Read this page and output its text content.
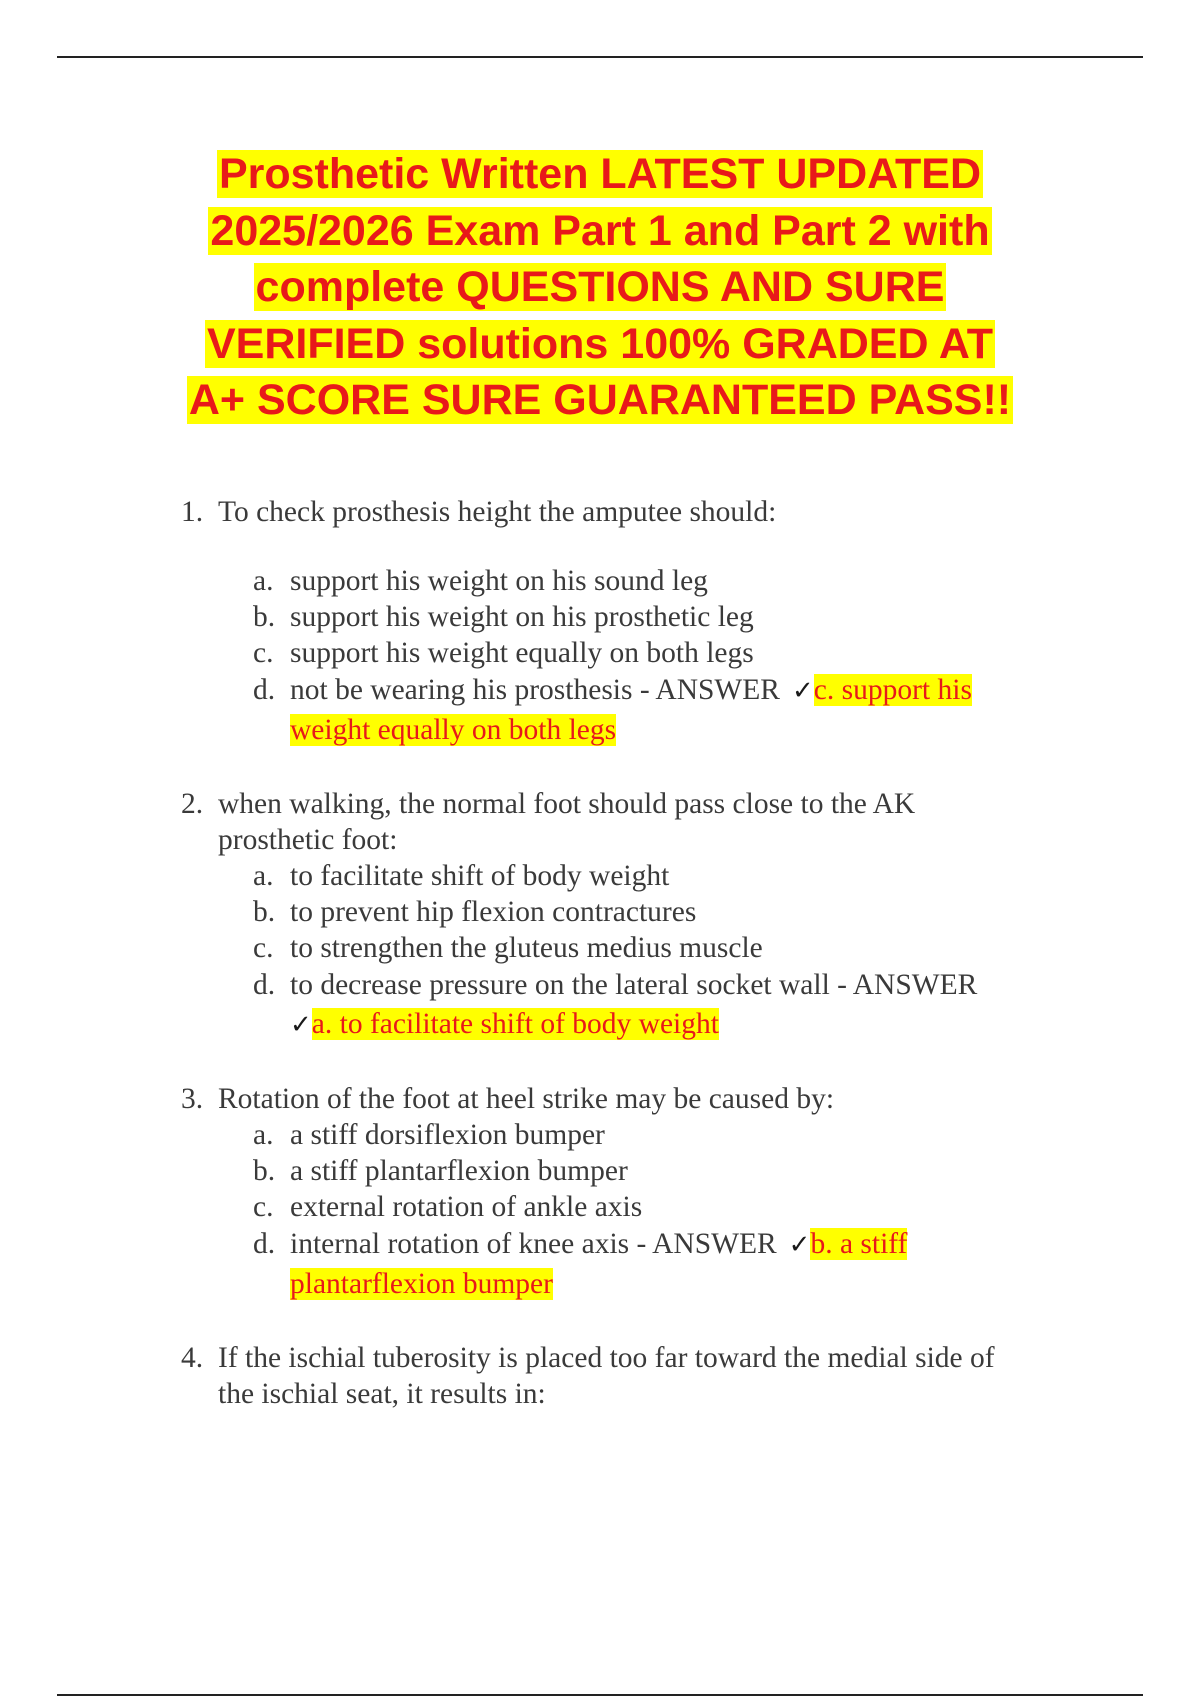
Prosthetic Written LATEST UPDATED
2025/2026 Exam Part 1 and Part 2 with
complete QUESTIONS AND SURE
VERIFIED solutions 100% GRADED AT
A+ SCORE SURE GUARANTEED PASS!!
1. To check prosthesis height the amputee should:
a. support his weight on his sound leg
b. support his weight on his prosthetic leg
c. support his weight equally on both legs
d. not be wearing his prosthesis - ANSWER ✓c. support his
weight equally on both legs
2. when walking, the normal foot should pass close to the AK
prosthetic foot:
a. to facilitate shift of body weight
b. to prevent hip flexion contractures
c. to strengthen the gluteus medius muscle
d. to decrease pressure on the lateral socket wall - ANSWER
✓a. to facilitate shift of body weight
3. Rotation of the foot at heel strike may be caused by:
a. a stiff dorsiflexion bumper
b. a stiff plantarflexion bumper
c. external rotation of ankle axis
d. internal rotation of knee axis - ANSWER ✓b. a stiff
plantarflexion bumper
4. If the ischial tuberosity is placed too far toward the medial side of
the ischial seat, it results in:
